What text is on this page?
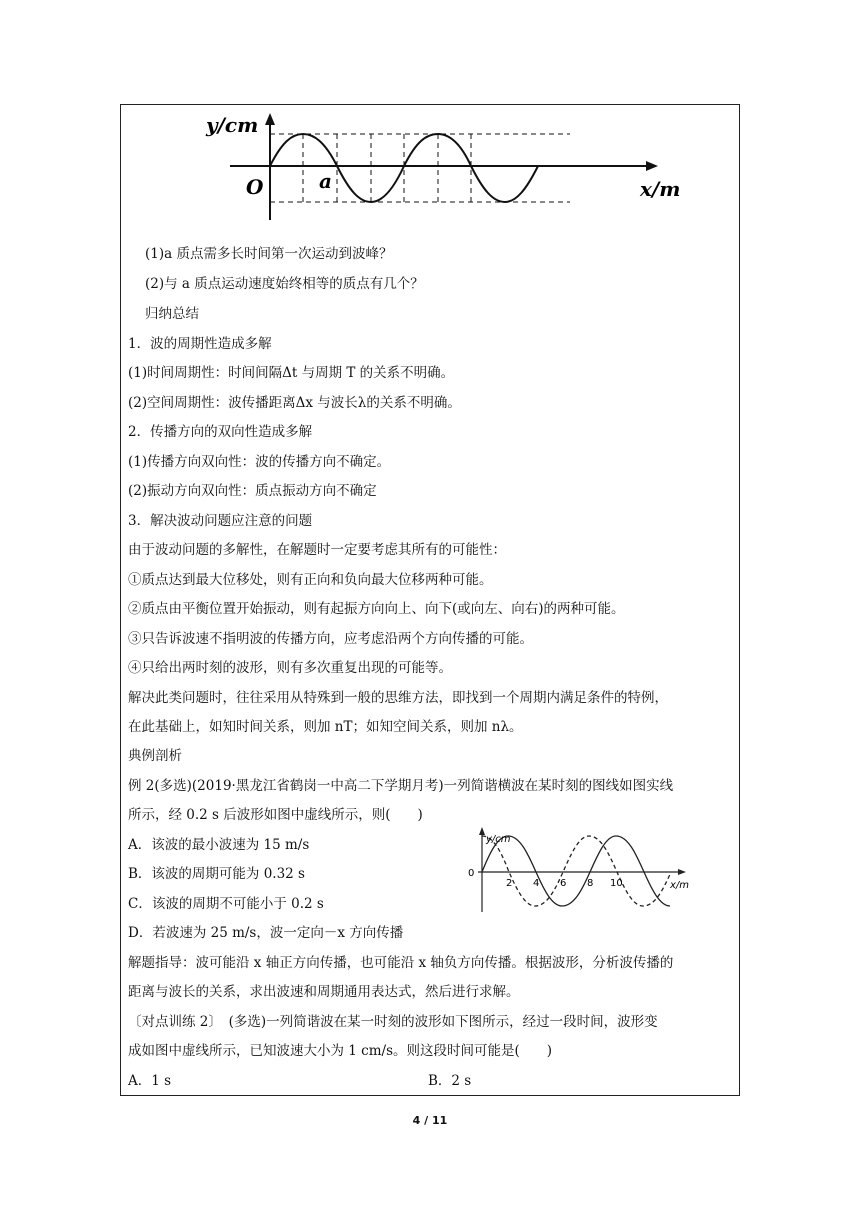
y/cm
x/m
O	a
(1)a 质点需多长时间第一次运动到波峰？
(2)与 a 质点运动速度始终相等的质点有几个？
归纳总结
1．波的周期性造成多解
(1)时间周期性：时间间隔Δt 与周期 T 的关系不明确。
(2)空间周期性：波传播距离Δx 与波长λ的关系不明确。
2．传播方向的双向性造成多解
(1)传播方向双向性：波的传播方向不确定。
(2)振动方向双向性：质点振动方向不确定
3．解决波动问题应注意的问题
由于波动问题的多解性，在解题时一定要考虑其所有的可能性：
①质点达到最大位移处，则有正向和负向最大位移两种可能。
②质点由平衡位置开始振动，则有起振方向向上、向下(或向左、向右)的两种可能。
③只告诉波速不指明波的传播方向，应考虑沿两个方向传播的可能。
④只给出两时刻的波形，则有多次重复出现的可能等。
解决此类问题时，往往采用从特殊到一般的思维方法，即找到一个周期内满足条件的特例，
在此基础上，如知时间关系，则加 nT；如知空间关系，则加 nλ。
典例剖析
例 2(多选)(2019·黑龙江省鹤岗一中高二下学期月考)一列简谐横波在某时刻的图线如图实线
所示，经 0.2 s 后波形如图中虚线所示，则(　　)
A．该波的最小波速为 15 m/s
B．该波的周期可能为 0.32 s
C．该波的周期不可能小于 0.2 s
D．若波速为 25 m/s，波一定向－x 方向传播
解题指导：波可能沿 x 轴正方向传播，也可能沿 x 轴负方向传播。根据波形，分析波传播的
距离与波长的关系，求出波速和周期通用表达式，然后进行求解。
〔对点训练 2〕　(多选)一列简谐波在某一时刻的波形如下图所示，经过一段时间，波形变
成如图中虚线所示，已知波速大小为 1 cm/s。则这段时间可能是(　　)
A．1 s	B．2 s
y/cm
x/m
0
2 4 6 8 10
4 / 11
